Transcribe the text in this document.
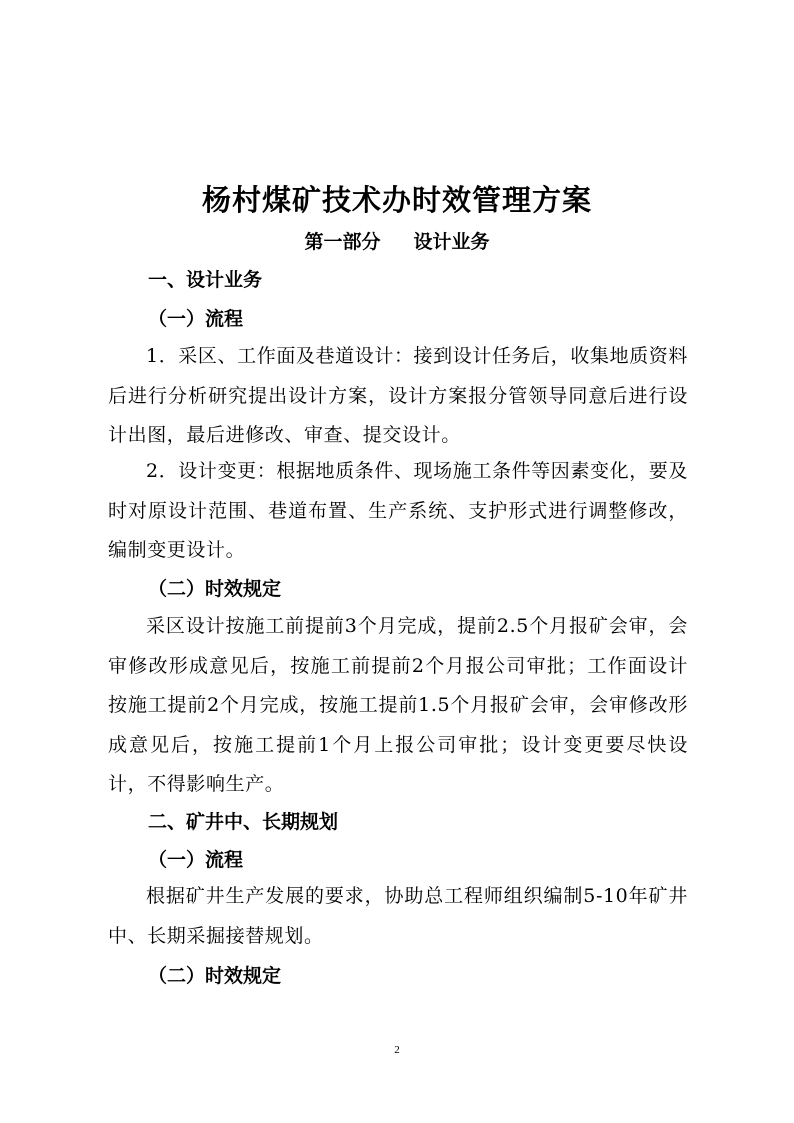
杨村煤矿技术办时效管理方案
第一部分     设计业务
一、设计业务
（一）流程
1．采区、工作面及巷道设计：接到设计任务后，收集地质资料后进行分析研究提出设计方案，设计方案报分管领导同意后进行设计出图，最后进修改、审查、提交设计。
2．设计变更：根据地质条件、现场施工条件等因素变化，要及时对原设计范围、巷道布置、生产系统、支护形式进行调整修改，编制变更设计。
（二）时效规定
采区设计按施工前提前3个月完成，提前2.5个月报矿会审，会审修改形成意见后，按施工前提前2个月报公司审批；工作面设计按施工提前2个月完成，按施工提前1.5个月报矿会审，会审修改形成意见后，按施工提前1个月上报公司审批；设计变更要尽快设计，不得影响生产。
二、矿井中、长期规划
（一）流程
根据矿井生产发展的要求，协助总工程师组织编制5-10年矿井中、长期采掘接替规划。
（二）时效规定
2
